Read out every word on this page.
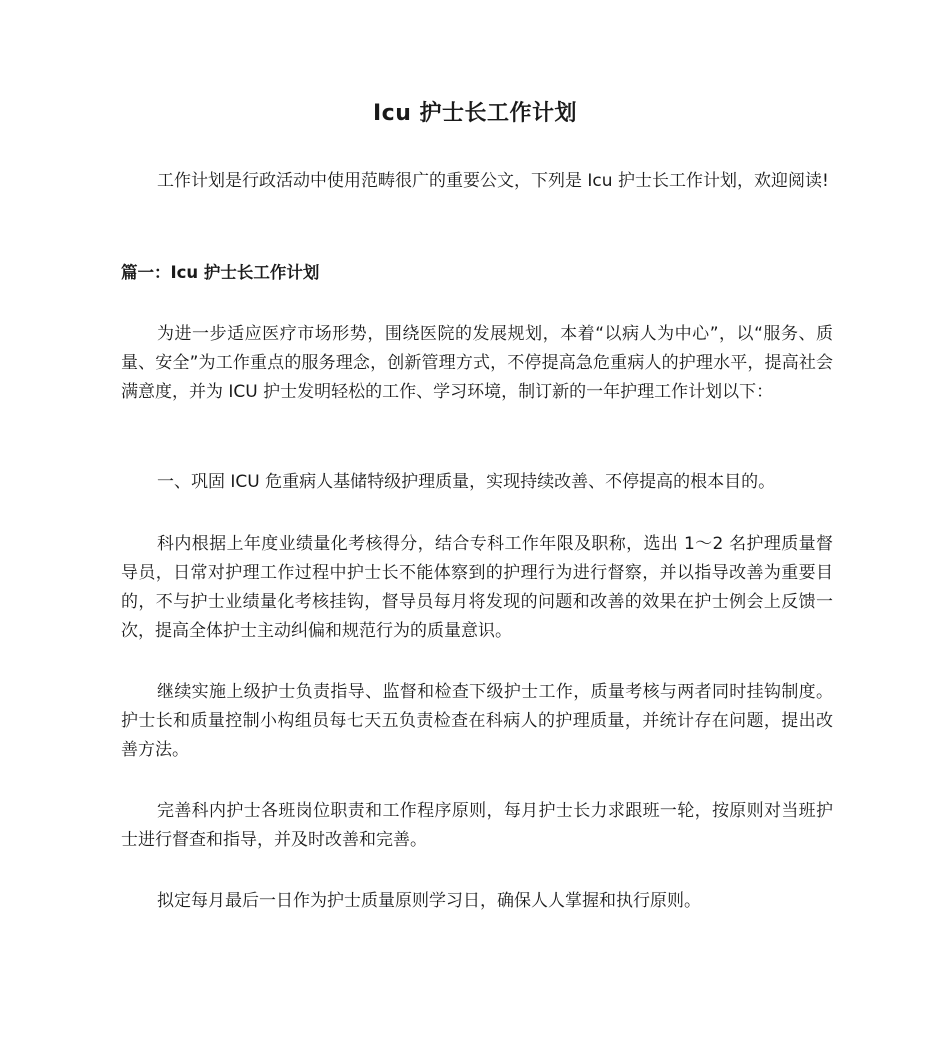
Icu 护士长工作计划

工作计划是行政活动中使用范畴很广的重要公文，下列是 Icu 护士长工作计划，欢迎阅读!

篇一：Icu 护士长工作计划

为进一步适应医疗市场形势，围绕医院的发展规划，本着“以病人为中心”，以“服务、质量、安全”为工作重点的服务理念，创新管理方式，不停提高急危重病人的护理水平，提高社会满意度，并为 ICU 护士发明轻松的工作、学习环境，制订新的一年护理工作计划以下：

一、巩固 ICU 危重病人基储特级护理质量，实现持续改善、不停提高的根本目的。

科内根据上年度业绩量化考核得分，结合专科工作年限及职称，选出 1～2 名护理质量督导员，日常对护理工作过程中护士长不能体察到的护理行为进行督察，并以指导改善为重要目的，不与护士业绩量化考核挂钩，督导员每月将发现的问题和改善的效果在护士例会上反馈一次，提高全体护士主动纠偏和规范行为的质量意识。

继续实施上级护士负责指导、监督和检查下级护士工作，质量考核与两者同时挂钩制度。护士长和质量控制小构组员每七天五负责检查在科病人的护理质量，并统计存在问题，提出改善方法。

完善科内护士各班岗位职责和工作程序原则，每月护士长力求跟班一轮，按原则对当班护士进行督查和指导，并及时改善和完善。

拟定每月最后一日作为护士质量原则学习日，确保人人掌握和执行原则。
